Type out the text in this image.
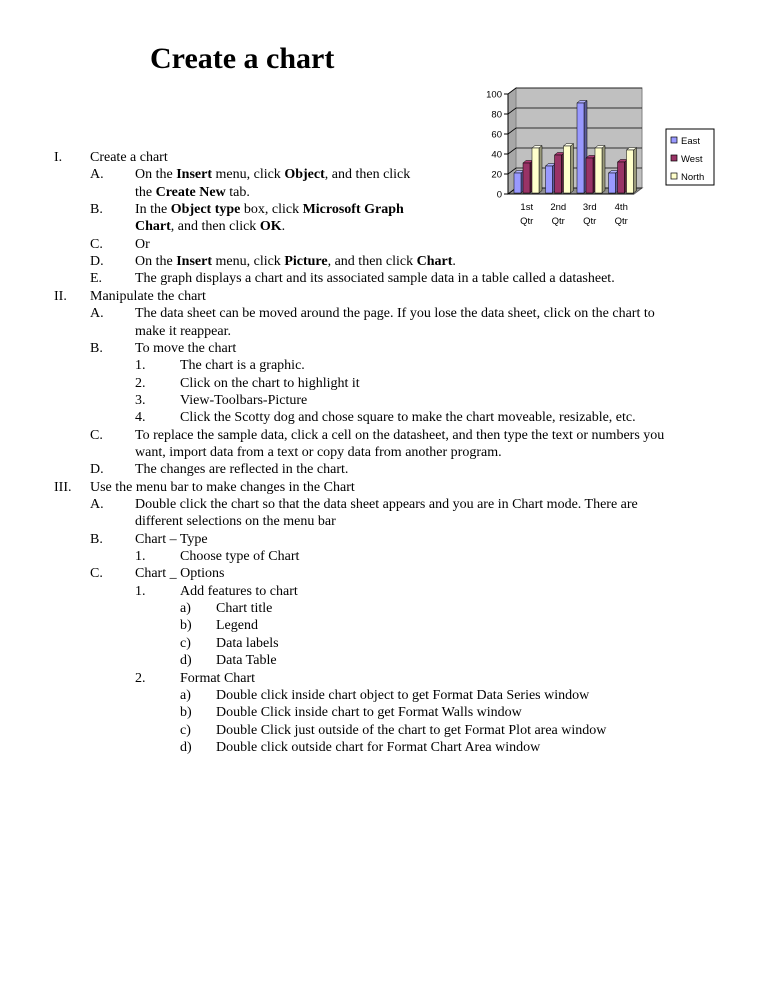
Create a chart
I. Create a chart
A. On the Insert menu, click Object, and then click
the Create New tab.
B. In the Object type box, click Microsoft Graph
Chart, and then click OK.
C. Or
D. On the Insert menu, click Picture, and then click Chart.
E. The graph displays a chart and its associated sample data in a table called a datasheet.
II. Manipulate the chart
A. The data sheet can be moved around the page. If you lose the data sheet, click on the chart to
make it reappear.
B. To move the chart
1. The chart is a graphic.
2. Click on the chart to highlight it
3. View-Toolbars-Picture
4. Click the Scotty dog and chose square to make the chart moveable, resizable, etc.
C. To replace the sample data, click a cell on the datasheet, and then type the text or numbers you
want, import data from a text or copy data from another program.
D. The changes are reflected in the chart.
III. Use the menu bar to make changes in the Chart
A. Double click the chart so that the data sheet appears and you are in Chart mode. There are
different selections on the menu bar
B. Chart – Type
1. Choose type of Chart
C. Chart _ Options
1. Add features to chart
a) Chart title
b) Legend
c) Data labels
d) Data Table
2. Format Chart
a) Double click inside chart object to get Format Data Series window
b) Double Click inside chart to get Format Walls window
c) Double Click just outside of the chart to get Format Plot area window
d) Double click outside chart for Format Chart Area window
0
20
40
60
80
100
1st
Qtr
2nd
Qtr
3rd
Qtr
4th
Qtr
East
West
North
